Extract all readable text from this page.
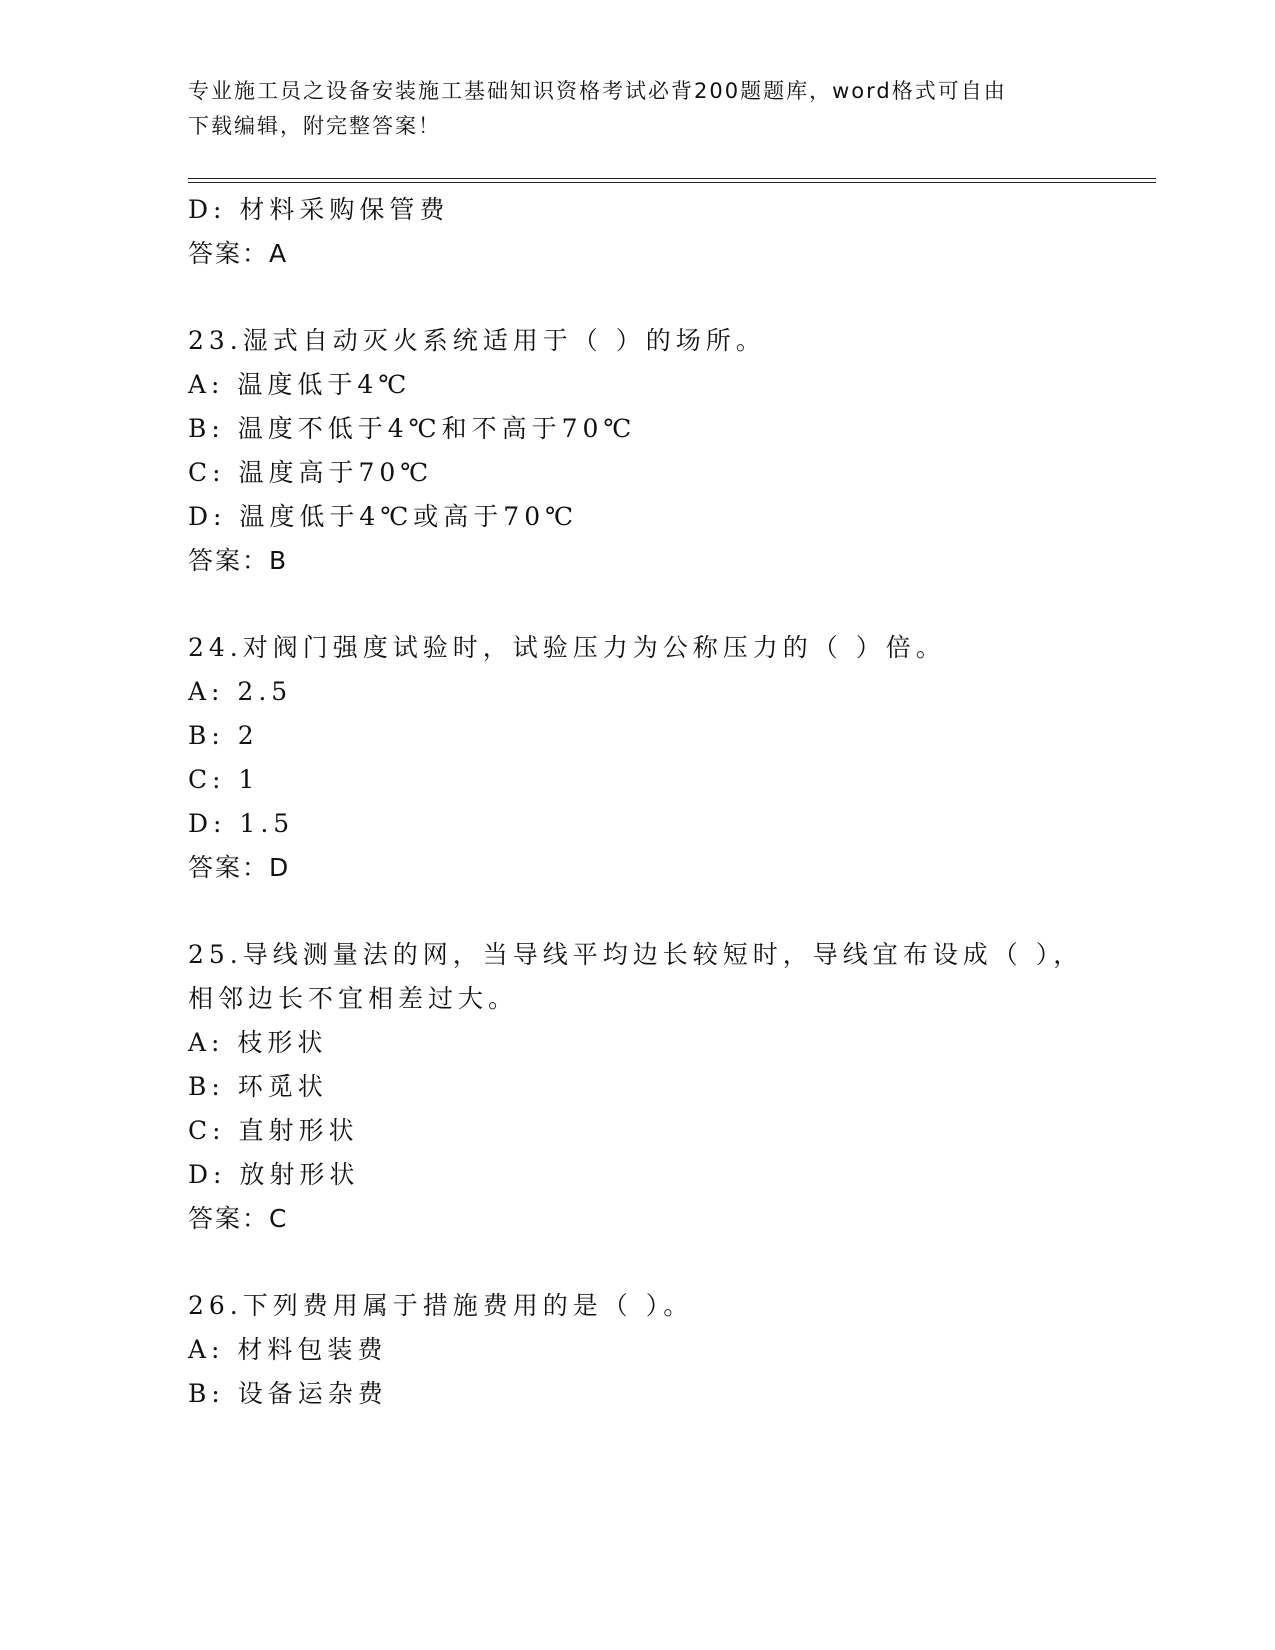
专业施工员之设备安装施工基础知识资格考试必背200题题库，word格式可自由
下载编辑，附完整答案！
D: 材料采购保管费
答案：A
23.湿式自动灭火系统适用于（ ）的场所。
A: 温度低于4℃
B: 温度不低于4℃和不高于70℃
C: 温度高于70℃
D: 温度低于4℃或高于70℃
答案：B
24.对阀门强度试验时，试验压力为公称压力的（ ）倍。
A: 2.5
B: 2
C: 1
D: 1.5
答案：D
25.导线测量法的网，当导线平均边长较短时，导线宜布设成（ ），
相邻边长不宜相差过大。
A: 枝形状
B: 环觅状
C: 直射形状
D: 放射形状
答案：C
26.下列费用属于措施费用的是（ ）。
A: 材料包装费
B: 设备运杂费
